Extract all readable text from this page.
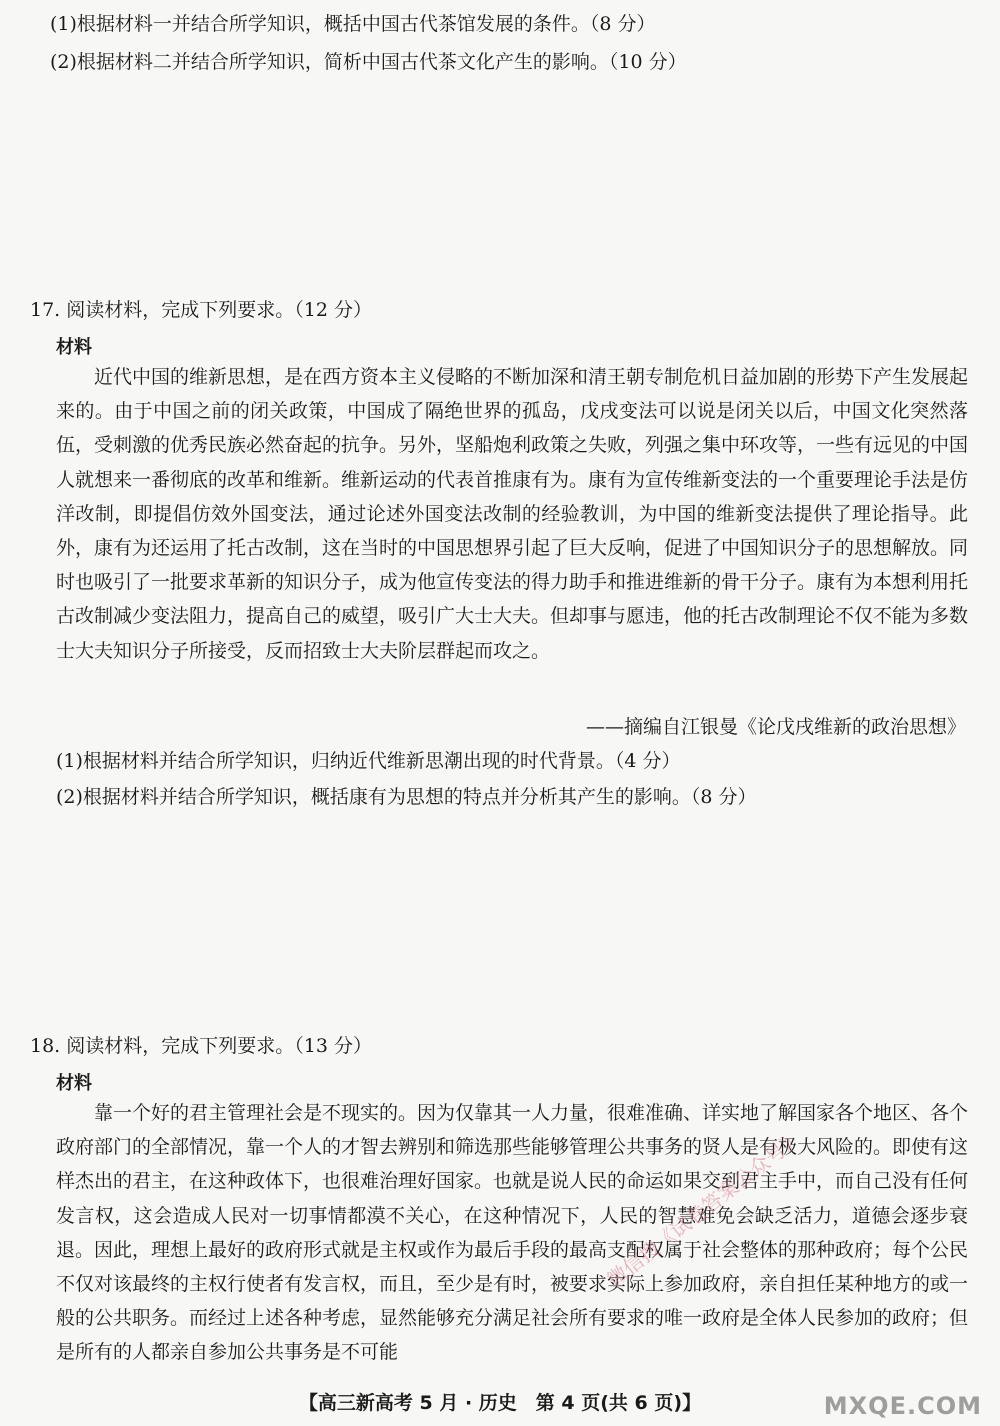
(1)根据材料一并结合所学知识，概括中国古代茶馆发展的条件。（8 分）
(2)根据材料二并结合所学知识，简析中国古代茶文化产生的影响。（10 分）
17. 阅读材料，完成下列要求。（12 分）
材料

近代中国的维新思想，是在西方资本主义侵略的不断加深和清王朝专制危机日益加剧的形势下产生发展起来的。由于中国之前的闭关政策，中国成了隔绝世界的孤岛，戊戌变法可以说是闭关以后，中国文化突然落伍，受刺激的优秀民族必然奋起的抗争。另外，坚船炮利政策之失败，列强之集中环攻等，一些有远见的中国人就想来一番彻底的改革和维新。维新运动的代表首推康有为。康有为宣传维新变法的一个重要理论手法是仿洋改制，即提倡仿效外国变法，通过论述外国变法改制的经验教训，为中国的维新变法提供了理论指导。此外，康有为还运用了托古改制，这在当时的中国思想界引起了巨大反响，促进了中国知识分子的思想解放。同时也吸引了一批要求革新的知识分子，成为他宣传变法的得力助手和推进维新的骨干分子。康有为本想利用托古改制减少变法阻力，提高自己的威望，吸引广大士大夫。但却事与愿违，他的托古改制理论不仅不能为多数士大夫知识分子所接受，反而招致士大夫阶层群起而攻之。

——摘编自江银曼《论戊戌维新的政治思想》
(1)根据材料并结合所学知识，归纳近代维新思潮出现的时代背景。（4 分）
(2)根据材料并结合所学知识，概括康有为思想的特点并分析其产生的影响。（8 分）
18. 阅读材料，完成下列要求。（13 分）
材料

靠一个好的君主管理社会是不现实的。因为仅靠其一人力量，很难准确、详实地了解国家各个地区、各个政府部门的全部情况，靠一个人的才智去辨别和筛选那些能够管理公共事务的贤人是有极大风险的。即使有这样杰出的君主，在这种政体下，也很难治理好国家。也就是说人民的命运如果交到君主手中，而自己没有任何发言权，这会造成人民对一切事情都漠不关心，在这种情况下，人民的智慧难免会缺乏活力，道德会逐步衰退。因此，理想上最好的政府形式就是主权或作为最后手段的最高支配权属于社会整体的那种政府；每个公民不仅对该最终的主权行使者有发言权，而且，至少是有时，被要求实际上参加政府，亲自担任某种地方的或一般的公共职务。而经过上述各种考虑，显然能够充分满足社会所有要求的唯一政府是全体人民参加的政府；但是所有的人都亲自参加公共事务是不可能

微信搜《试卷答案公众号》
【高三新高考 5 月 · 历史　第 4 页(共 6 页)】	MXQE.COM
